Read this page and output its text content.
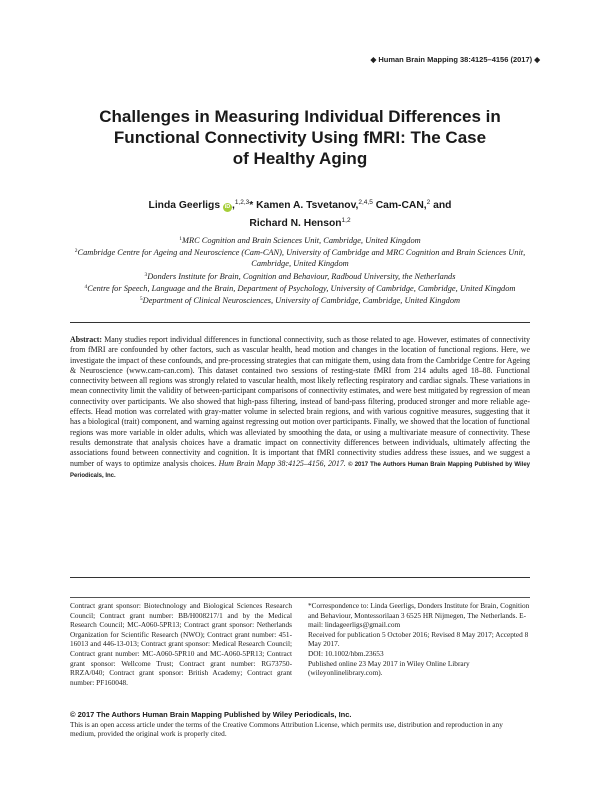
◆ Human Brain Mapping 38:4125–4156 (2017) ◆
Challenges in Measuring Individual Differences in
Functional Connectivity Using fMRI: The Case
of Healthy Aging
Linda Geerligs iD ,$^{1,2,3}$* Kamen A. Tsvetanov,$^{2,4,5}$ Cam-CAN,$^2$ and
Richard N. Henson$^{1,2}$
$^1$MRC Cognition and Brain Sciences Unit, Cambridge, United Kingdom
$^2$Cambridge Centre for Ageing and Neuroscience (Cam-CAN), University of Cambridge and MRC Cognition and Brain Sciences Unit, Cambridge, United Kingdom
$^3$Donders Institute for Brain, Cognition and Behaviour, Radboud University, the Netherlands
$^4$Centre for Speech, Language and the Brain, Department of Psychology, University of Cambridge, Cambridge, United Kingdom
$^5$Department of Clinical Neurosciences, University of Cambridge, Cambridge, United Kingdom
Abstract: Many studies report individual differences in functional connectivity, such as those related to age. However, estimates of connectivity from fMRI are confounded by other factors, such as vascular health, head motion and changes in the location of functional regions. Here, we investigate the impact of these confounds, and pre-processing strategies that can mitigate them, using data from the Cambridge Centre for Ageing & Neuroscience (www.cam-can.com). This dataset contained two sessions of resting-state fMRI from 214 adults aged 18–88. Functional connectivity between all regions was strongly related to vascular health, most likely reflecting respiratory and cardiac signals. These variations in mean connectivity limit the validity of between-participant comparisons of connectivity estimates, and were best mitigated by regression of mean connectivity over participants. We also showed that high-pass filtering, instead of band-pass filtering, produced stronger and more reliable age-effects. Head motion was correlated with gray-matter volume in selected brain regions, and with various cognitive measures, suggesting that it has a biological (trait) component, and warning against regressing out motion over participants. Finally, we showed that the location of functional regions was more variable in older adults, which was alleviated by smoothing the data, or using a multivariate measure of connectivity. These results demonstrate that analysis choices have a dramatic impact on connectivity differences between individuals, ultimately affecting the associations found between connectivity and cognition. It is important that fMRI connectivity studies address these issues, and we suggest a number of ways to optimize analysis choices. Hum Brain Mapp 38:4125–4156, 2017. © 2017 The Authors Human Brain Mapping Published by Wiley Periodicals, Inc.

Contract grant sponsor: Biotechnology and Biological Sciences Research Council; Contract grant number: BB/H008217/1 and by the Medical Research Council; MC-A060-5PR13; Contract grant sponsor: Netherlands Organization for Scientific Research (NWO); Contract grant number: 451-16013 and 446-13-013; Contract grant sponsor: Medical Research Council; Contract grant number: MC-A060-5PR10 and MC-A060-5PR13; Contract grant sponsor: Wellcome Trust; Contract grant number: RG73750-RRZA/040; Contract grant sponsor: British Academy; Contract grant number: PF160048.

*Correspondence to: Linda Geerligs, Donders Institute for Brain, Cognition and Behaviour, Montessorilaan 3 6525 HR Nijmegen, The Netherlands. E-mail: lindageerligs@gmail.com

Received for publication 5 October 2016; Revised 8 May 2017; Accepted 8 May 2017.

DOI: 10.1002/hbm.23653

Published online 23 May 2017 in Wiley Online Library (wileyonlinelibrary.com).

© 2017 The Authors Human Brain Mapping Published by Wiley Periodicals, Inc.
This is an open access article under the terms of the Creative Commons Attribution License, which permits use, distribution and reproduction in any medium, provided the original work is properly cited.
